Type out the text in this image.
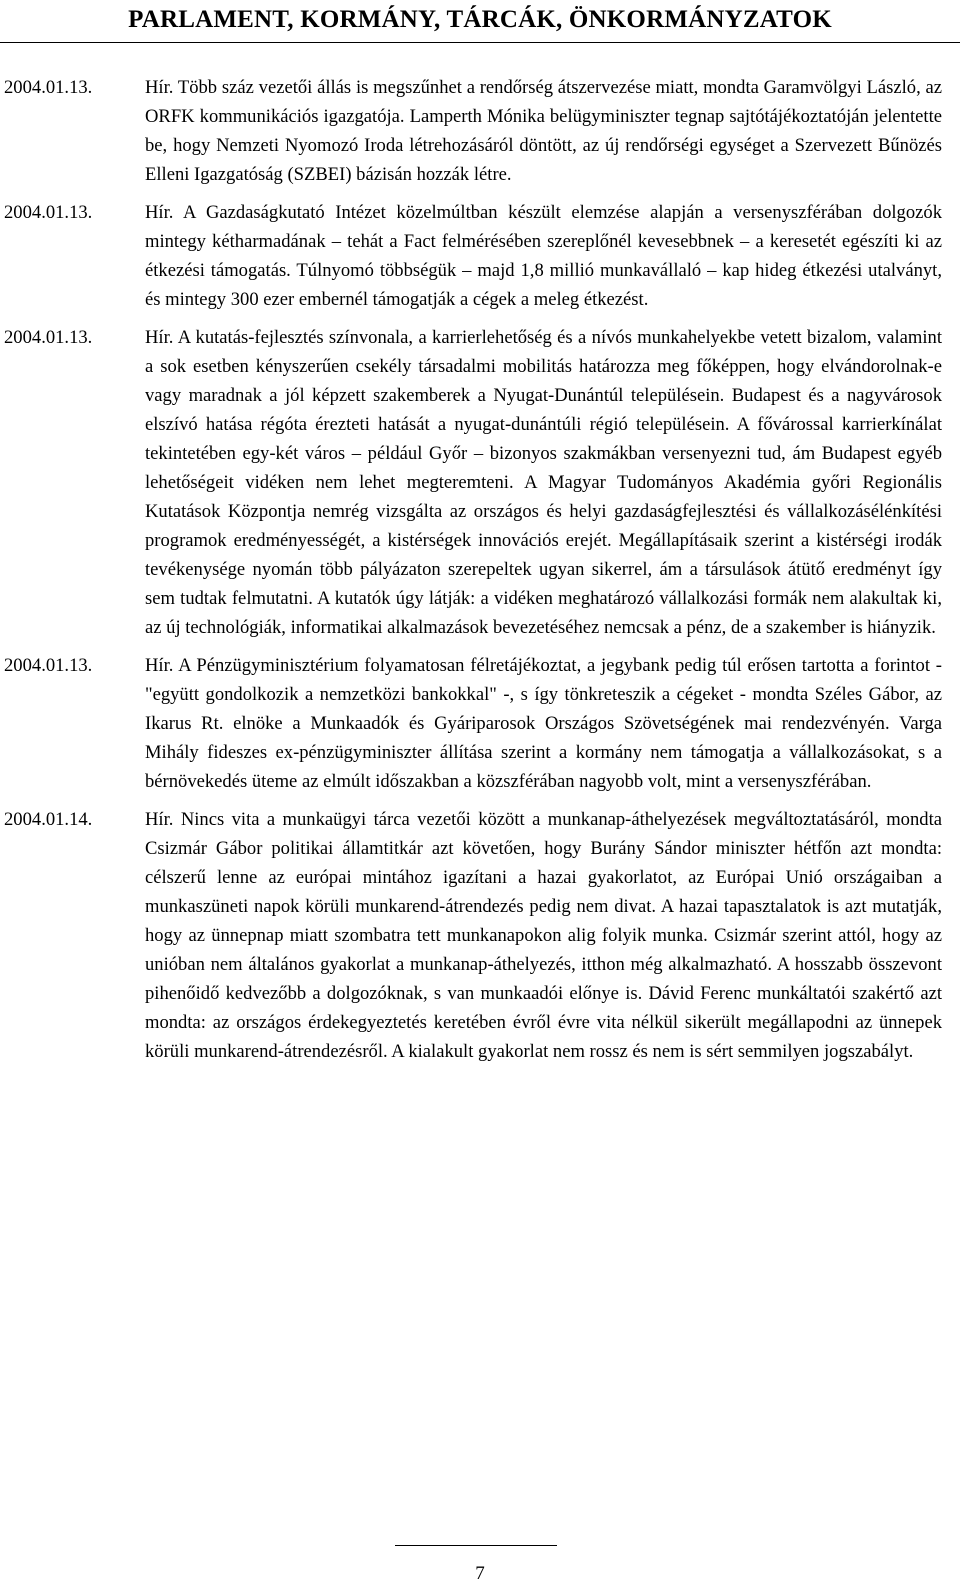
PARLAMENT, KORMÁNY, TÁRCÁK, ÖNKORMÁNYZATOK
2004.01.13.	Hír. Több száz vezetői állás is megszűnhet a rendőrség átszervezése miatt, mondta Garamvölgyi László, az ORFK kommunikációs igazgatója. Lamperth Mónika belügyminiszter tegnap sajtótájékoztatóján jelentette be, hogy Nemzeti Nyomozó Iroda létrehozásáról döntött, az új rendőrségi egységet a Szervezett Bűnözés Elleni Igazgatóság (SZBEI) bázisán hozzák létre.
2004.01.13.	Hír. A Gazdaságkutató Intézet közelmúltban készült elemzése alapján a versenyszférában dolgozók mintegy kétharmadának – tehát a Fact felmérésében szereplőnél kevesebbnek – a keresetét egészíti ki az étkezési támogatás. Túlnyomó többségük – majd 1,8 millió munkavállaló – kap hideg étkezési utalványt, és mintegy 300 ezer embernél támogatják a cégek a meleg étkezést.
2004.01.13.	Hír. A kutatás-fejlesztés színvonala, a karrierlehetőség és a nívós munkahelyekbe vetett bizalom, valamint a sok esetben kényszerűen csekély társadalmi mobilitás határozza meg főképpen, hogy elvándorolnak-e vagy maradnak a jól képzett szakemberek a Nyugat-Dunántúl településein. Budapest és a nagyvárosok elszívó hatása régóta érezteti hatását a nyugat-dunántúli régió településein. A fővárossal karrierkínálat tekintetében egy-két város – például Győr – bizonyos szakmákban versenyezni tud, ám Budapest egyéb lehetőségeit vidéken nem lehet megteremteni. A Magyar Tudományos Akadémia győri Regionális Kutatások Központja nemrég vizsgálta az országos és helyi gazdaságfejlesztési és vállalkozásélénkítési programok eredményességét, a kistérségek innovációs erejét. Megállapításaik szerint a kistérségi irodák tevékenysége nyomán több pályázaton szerepeltek ugyan sikerrel, ám a társulások átütő eredményt így sem tudtak felmutatni. A kutatók úgy látják: a vidéken meghatározó vállalkozási formák nem alakultak ki, az új technológiák, informatikai alkalmazások bevezetéséhez nemcsak a pénz, de a szakember is hiányzik.
2004.01.13.	Hír. A Pénzügyminisztérium folyamatosan félretájékoztat, a jegybank pedig túl erősen tartotta a forintot - "együtt gondolkozik a nemzetközi bankokkal" -, s így tönkreteszik a cégeket - mondta Széles Gábor, az Ikarus Rt. elnöke a Munkaadók és Gyáriparosok Országos Szövetségének mai rendezvényén. Varga Mihály fideszes ex-pénzügyminiszter állítása szerint a kormány nem támogatja a vállalkozásokat, s a bérnövekedés üteme az elmúlt időszakban a közszférában nagyobb volt, mint a versenyszférában.
2004.01.14.	Hír. Nincs vita a munkaügyi tárca vezetői között a munkanap-áthelyezések megváltoztatásáról, mondta Csizmár Gábor politikai államtitkár azt követően, hogy Burány Sándor miniszter hétfőn azt mondta: célszerű lenne az európai mintához igazítani a hazai gyakorlatot, az Európai Unió országaiban a munkaszüneti napok körüli munkarend-átrendezés pedig nem divat. A hazai tapasztalatok is azt mutatják, hogy az ünnepnap miatt szombatra tett munkanapokon alig folyik munka. Csizmár szerint attól, hogy az unióban nem általános gyakorlat a munkanap-áthelyezés, itthon még alkalmazható. A hosszabb összevont pihenőidő kedvezőbb a dolgozóknak, s van munkaadói előnye is. Dávid Ferenc munkáltatói szakértő azt mondta: az országos érdekegyeztetés keretében évről évre vita nélkül sikerült megállapodni az ünnepek körüli munkarend-átrendezésről. A kialakult gyakorlat nem rossz és nem is sért semmilyen jogszabályt.
7
